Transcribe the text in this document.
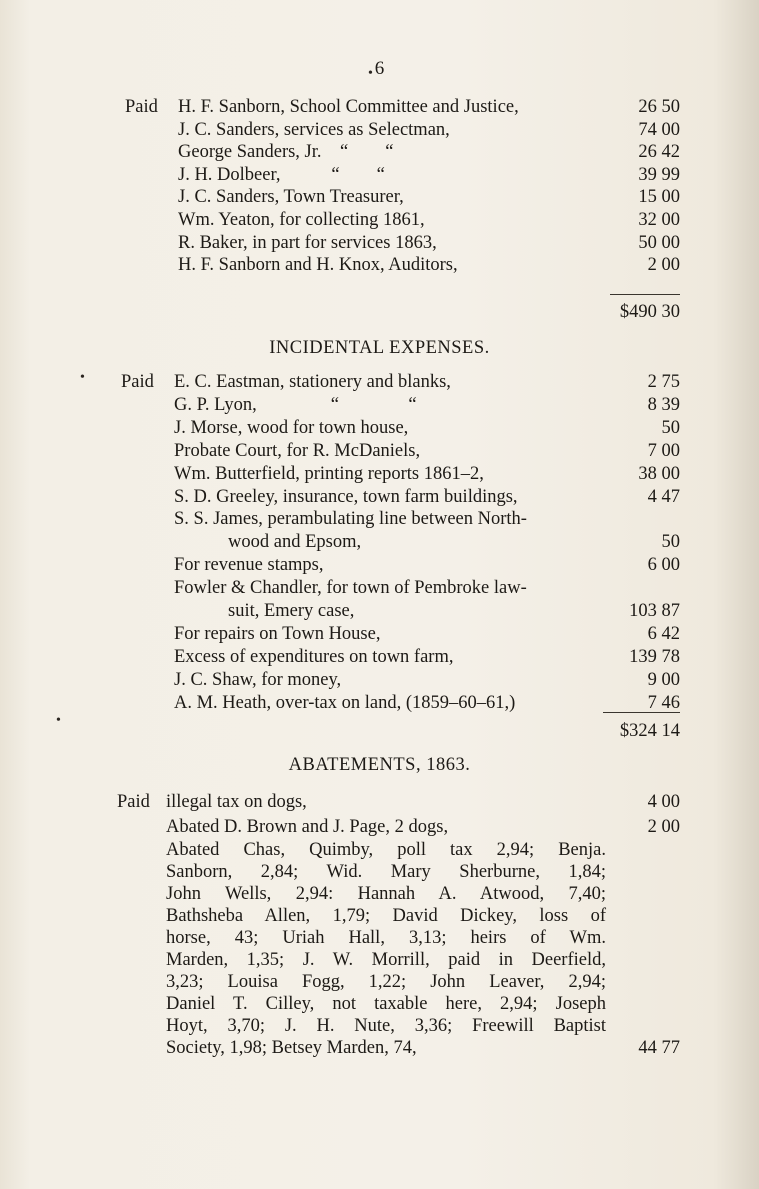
6
Paid H. F. Sanborn, School Committee and Justice,	26 50
J. C. Sanders, services as Selectman,	74 00
George Sanders, Jr.    “        “	26 42
J. H. Dolbeer,           “        “	39 99
J. C. Sanders, Town Treasurer,	15 00
Wm. Yeaton, for collecting 1861,	32 00
R. Baker, in part for services 1863,	50 00
H. F. Sanborn and H. Knox, Auditors,	2 00
$490 30
INCIDENTAL EXPENSES.
Paid E. C. Eastman, stationery and blanks,	2 75
G. P. Lyon,                “               “	8 39
J. Morse, wood for town house,	50
Probate Court, for R. McDaniels,	7 00
Wm. Butterfield, printing reports 1861–2,	38 00
S. D. Greeley, insurance, town farm buildings,	4 47
S. S. James, perambulating line between North-
wood and Epsom,	50
For revenue stamps,	6 00
Fowler & Chandler, for town of Pembroke law-
suit, Emery case,	103 87
For repairs on Town House,	6 42
Excess of expenditures on town farm,	139 78
J. C. Shaw, for money,	9 00
A. M. Heath, over-tax on land, (1859–60–61,)	7 46
$324 14
ABATEMENTS, 1863.
Paid illegal tax on dogs,	4 00
Abated D. Brown and J. Page, 2 dogs,	2 00
Abated Chas, Quimby, poll tax 2,94; Benja.
Sanborn, 2,84; Wid. Mary Sherburne, 1,84;
John Wells, 2,94: Hannah A. Atwood, 7,40;
Bathsheba Allen, 1,79; David Dickey, loss of
horse, 43; Uriah Hall, 3,13; heirs of Wm.
Marden, 1,35; J. W. Morrill, paid in Deerfield,
3,23; Louisa Fogg, 1,22; John Leaver, 2,94;
Daniel T. Cilley, not taxable here, 2,94; Joseph
Hoyt, 3,70; J. H. Nute, 3,36; Freewill Baptist
Society, 1,98; Betsey Marden, 74,	44 77
•
•
•
